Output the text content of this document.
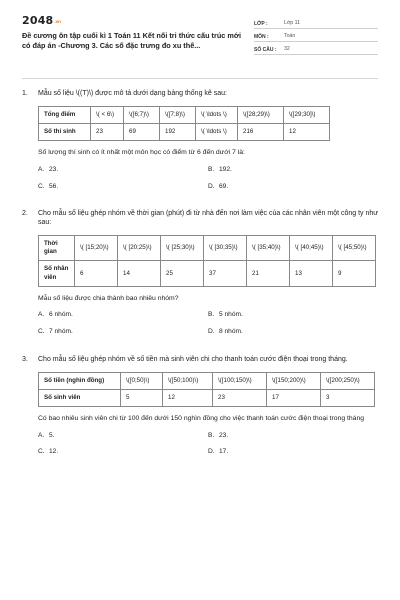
2048.vn
Đề cương ôn tập cuối kì 1 Toán 11 Kết nối tri thức cấu trúc mới có đáp án -Chương 3. Các số đặc trưng đo xu thế...
LỚP :	Lớp 11
MÔN :	Toán
SỐ CÂU :	32
1.	Mẫu số liệu \((T)\) được mô tả dưới dạng bảng thống kê sau:
Tổng điểm	\( < 6\)	\([6;7)\)	\([7;8)\)	\( \ldots \)	\([28;29)\)	\([29;30]\)
Số thí sinh	23	69	192	\( \ldots \)	216	12
Số lượng thí sinh có ít nhất một môn học có điểm từ 6 đến dưới 7 là:
A. 23.	B. 192.
C. 56.	D. 69.
2.	Cho mẫu số liệu ghép nhóm về thời gian (phút) đi từ nhà đến nơi làm việc của các nhân viên một công ty như sau:
Thời gian	\( [15;20)\)	\( [20;25)\)	\( [25;30)\)	\( [30;35)\)	\( [35;40)\)	\( [40;45)\)	\( [45;50)\)
Số nhân viên	6	14	25	37	21	13	9
Mẫu số liệu được chia thành bao nhiêu nhóm?
A. 6 nhóm.	B. 5 nhóm.
C. 7 nhóm.	D. 8 nhóm.
3.	Cho mẫu số liệu ghép nhóm về số tiền mà sinh viên chi cho thanh toán cước điện thoại trong tháng.
Số tiền (nghìn đồng)	\([0;50)\)	\([50;100)\)	\([100;150)\)	\([150;200)\)	\([200;250)\)
Số sinh viên	5	12	23	17	3
Có bao nhiêu sinh viên chi từ 100 đến dưới 150 nghìn đồng cho việc thanh toán cước điện thoại trong tháng
A. 5.	B. 23.
C. 12.	D. 17.
